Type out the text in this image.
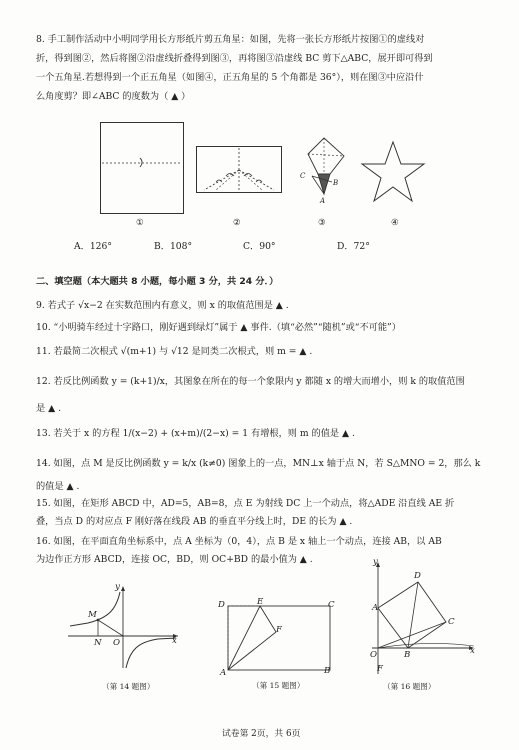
8. 手工制作活动中小明同学用长方形纸片剪五角星：如图，先将一张长方形纸片按图①的虚线对
折，得到图②，然后将图②沿虚线折叠得到图③，再将图③沿虚线 BC 剪下△ABC，展开即可得到
一个五角星.若想得到一个正五角星（如图④，正五角星的 5 个角都是 36°），则在图③中应沿什
么角度剪？即∠ABC 的度数为（ ▲ ）
①	②
C
B
A
③	④
A．126°	B．108°	C．90°	D．72°
二、填空题（本大题共 8 小题，每小题 3 分，共 24 分．）
9. 若式子 √x−2 在实数范围内有意义，则 x 的取值范围是 ▲ .
10. “小明骑车经过十字路口，刚好遇到绿灯”属于 ▲ 事件.（填“必然”“随机”或“不可能”）
11. 若最简二次根式 √(m+1) 与 √12 是同类二次根式，则 m = ▲ .
12. 若反比例函数 y = (k+1)/x，其图象在所在的每一个象限内 y 都随 x 的增大而增小，则 k 的取值范围
是 ▲ .
13. 若关于 x 的方程 1/(x−2) + (x+m)/(2−x) = 1 有增根，则 m 的值是 ▲ .
14. 如图，点 M 是反比例函数 y = k/x (k≠0) 图象上的一点，MN⊥x 轴于点 N，若 S△MNO = 2，那么 k
的值是 ▲ .
15. 如图，在矩形 ABCD 中，AD=5，AB=8，点 E 为射线 DC 上一个动点，将△ADE 沿直线 AE 折
叠，当点 D 的对应点 F 刚好落在线段 AB 的垂直平分线上时，DE 的长为 ▲ .
16. 如图，在平面直角坐标系中，点 A 坐标为（0，4），点 B 是 x 轴上一个动点，连接 AB，以 AB
为边作正方形 ABCD，连接 OC，BD，则 OC+BD 的最小值为 ▲ .
y
x
M
N O
（第 14 题图）
D	E	C
F
A	B
（第 15 题图）
y
x
A
D
C
B
O
F
（第 16 题图）
试卷第 2页，共 6页
